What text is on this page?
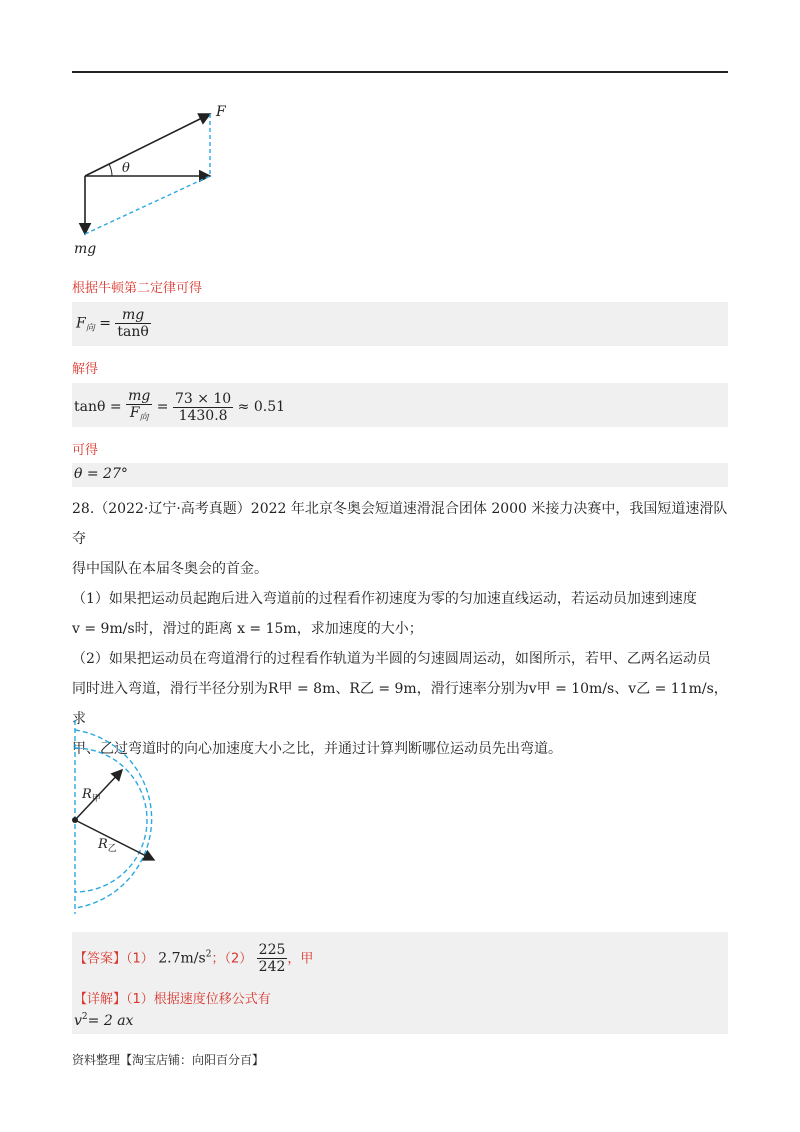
F
θ
mg
根据牛顿第二定律可得
$F_向 = \frac{mg}{\tan\theta}$
解得
$\tan\theta = \frac{mg}{F_向} = \frac{73 \times 10}{1430.8} \approx 0.51$
可得
θ = 27°
28.（2022·辽宁·高考真题）2022 年北京冬奥会短道速滑混合团体 2000 米接力决赛中，我国短道速滑队夺
得中国队在本届冬奥会的首金。
（1）如果把运动员起跑后进入弯道前的过程看作初速度为零的匀加速直线运动，若运动员加速到速度
v = 9m/s时，滑过的距离 x = 15m，求加速度的大小；
（2）如果把运动员在弯道滑行的过程看作轨道为半圆的匀速圆周运动，如图所示，若甲、乙两名运动员
同时进入弯道，滑行半径分别为R甲 = 8m、R乙 = 9m，滑行速率分别为v甲 = 10m/s、v乙 = 11m/s，求
甲、乙过弯道时的向心加速度大小之比，并通过计算判断哪位运动员先出弯道。
$R_甲$
$R_乙$
【答案】（1） $2.7m/s^2$；$(2) \frac{225}{242}$ ，甲
【详解】（1）根据速度位移公式有
$v^2= 2$ ax
资料整理【淘宝店铺：向阳百分百】
